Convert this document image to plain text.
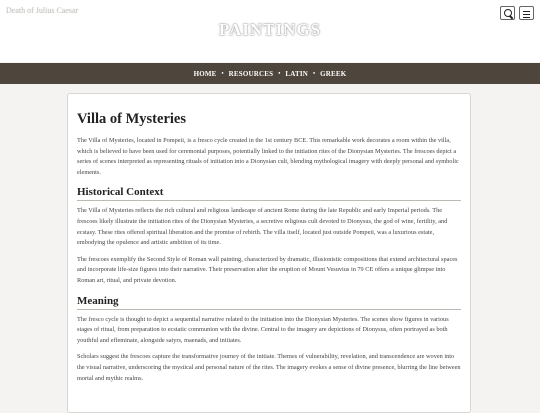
Death of Julius Caesar
PAINTINGS
HOME • RESOURCES • LATIN • GREEK
Villa of Mysteries

The Villa of Mysteries, located in Pompeii, is a fresco cycle created in the 1st century BCE. This remarkable work decorates a room within the villa, which is believed to have been used for ceremonial purposes, potentially linked to the initiation rites of the Dionysian Mysteries. The frescoes depict a series of scenes interpreted as representing rituals of initiation into a Dionysian cult, blending mythological imagery with deeply personal and symbolic elements.

Historical Context

The Villa of Mysteries reflects the rich cultural and religious landscape of ancient Rome during the late Republic and early Imperial periods. The frescoes likely illustrate the initiation rites of the Dionysian Mysteries, a secretive religious cult devoted to Dionysus, the god of wine, fertility, and ecstasy. These rites offered spiritual liberation and the promise of rebirth. The villa itself, located just outside Pompeii, was a luxurious estate, embodying the opulence and artistic ambition of its time.

The frescoes exemplify the Second Style of Roman wall painting, characterized by dramatic, illusionistic compositions that extend architectural spaces and incorporate life-size figures into their narrative. Their preservation after the eruption of Mount Vesuvius in 79 CE offers a unique glimpse into Roman art, ritual, and private devotion.

Meaning

The fresco cycle is thought to depict a sequential narrative related to the initiation into the Dionysian Mysteries. The scenes show figures in various stages of ritual, from preparation to ecstatic communion with the divine. Central to the imagery are depictions of Dionysus, often portrayed as both youthful and effeminate, alongside satyrs, maenads, and initiates.

Scholars suggest the frescoes capture the transformative journey of the initiate. Themes of vulnerability, revelation, and transcendence are woven into the visual narrative, underscoring the mystical and personal nature of the rites. The imagery evokes a sense of divine presence, blurring the line between mortal and mythic realms.
